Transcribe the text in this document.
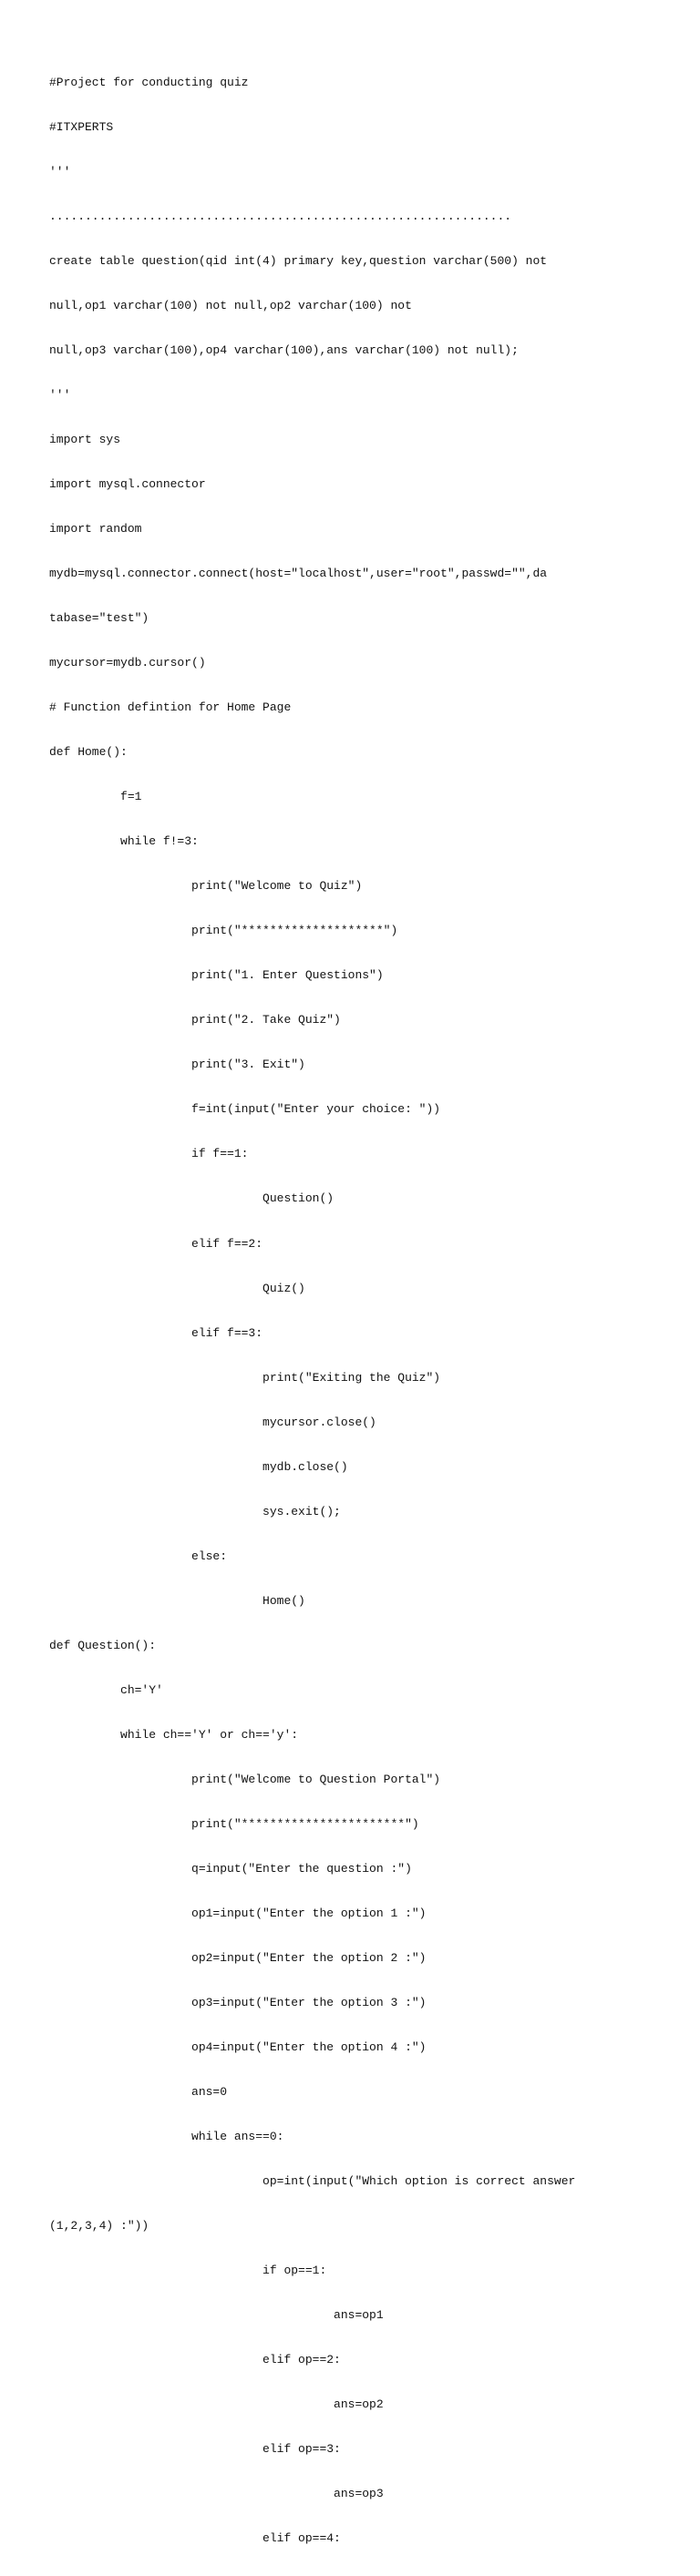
#Project for conducting quiz

#ITXPERTS

'''

.................................................................

create table question(qid int(4) primary key,question varchar(500) not

null,op1 varchar(100) not null,op2 varchar(100) not

null,op3 varchar(100),op4 varchar(100),ans varchar(100) not null);

'''

import sys

import mysql.connector

import random

mydb=mysql.connector.connect(host="localhost",user="root",passwd="",da

tabase="test")

mycursor=mydb.cursor()

# Function defintion for Home Page

def Home():

f=1

while f!=3:

print("Welcome to Quiz")

print("********************")

print("1. Enter Questions")

print("2. Take Quiz")

print("3. Exit")

f=int(input("Enter your choice: "))

if f==1:

Question()

elif f==2:

Quiz()

elif f==3:

print("Exiting the Quiz")

mycursor.close()

mydb.close()

sys.exit();

else:

Home()

def Question():

ch='Y'

while ch=='Y' or ch=='y':

print("Welcome to Question Portal")

print("***********************")

q=input("Enter the question :")

op1=input("Enter the option 1 :")

op2=input("Enter the option 2 :")

op3=input("Enter the option 3 :")

op4=input("Enter the option 4 :")

ans=0

while ans==0:

op=int(input("Which option is correct answer

(1,2,3,4) :"))

if op==1:

ans=op1

elif op==2:

ans=op2

elif op==3:

ans=op3

elif op==4:
